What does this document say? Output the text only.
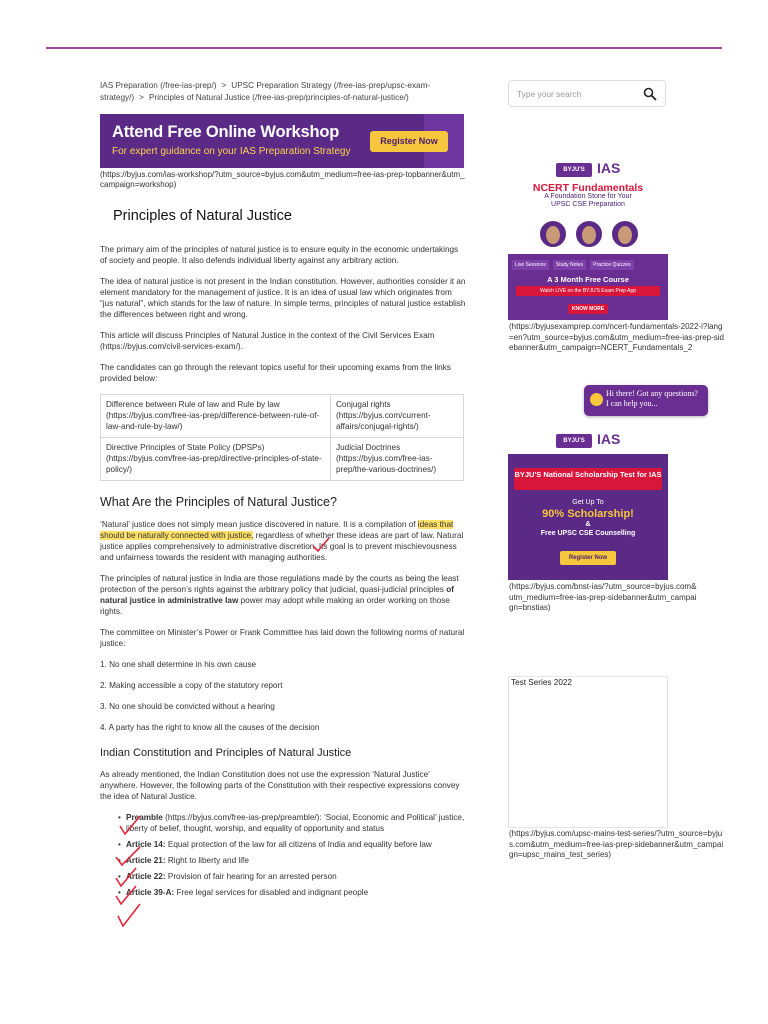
IAS Preparation (/free-ias-prep/) > UPSC Preparation Strategy (/free-ias-prep/upsc-exam-strategy/) > Principles of Natural Justice (/free-ias-prep/principles-of-natural-justice/)
Attend Free Online Workshop
For expert guidance on your IAS Preparation Strategy
Register Now
(https://byjus.com/ias-workshop/?utm_source=byjus.com&utm_medium=free-ias-prep-topbanner&utm_campaign=workshop)
Principles of Natural Justice

The primary aim of the principles of natural justice is to ensure equity in the economic undertakings of society and people. It also defends individual liberty against any arbitrary action.

The idea of natural justice is not present in the Indian constitution. However, authorities consider it an element mandatory for the management of justice. It is an idea of usual law which originates from “jus natural”, which stands for the law of nature. In simple terms, principles of natural justice establish the differences between right and wrong.

This article will discuss Principles of Natural Justice in the context of the Civil Services Exam (https://byjus.com/civil-services-exam/).

The candidates can go through the relevant topics useful for their upcoming exams from the links provided below:

Difference between Rule of law and Rule by law (https://byjus.com/free-ias-prep/difference-between-rule-of-law-and-rule-by-law/)	Conjugal rights (https://byjus.com/current-affairs/conjugal-rights/)
Directive Principles of State Policy (DPSPs) (https://byjus.com/free-ias-prep/directive-principles-of-state-policy/)	Judicial Doctrines (https://byjus.com/free-ias-prep/the-various-doctrines/)
What Are the Principles of Natural Justice?

‘Natural’ justice does not simply mean justice discovered in nature. It is a compilation of ideas that should be naturally connected with justice, regardless of whether these ideas are part of law. Natural justice applies comprehensively to administrative discretion. Its goal is to prevent mischievousness and unfairness towards the resident with managing authorities.

The principles of natural justice in India are those regulations made by the courts as being the least protection of the person’s rights against the arbitrary policy that judicial, quasi-judicial principles of natural justice in administrative law power may adopt while making an order working on those rights.

The committee on Minister’s Power or Frank Committee has laid down the following norms of natural justice:

1. No one shall determine in his own cause

2. Making accessible a copy of the statutory report

3. No one should be convicted without a hearing

4. A party has the right to know all the causes of the decision

Indian Constitution and Principles of Natural Justice

As already mentioned, the Indian Constitution does not use the expression ‘Natural Justice’ anywhere. However, the following parts of the Constitution with their respective expressions convey the idea of Natural Justice.

• Preamble (https://byjus.com/free-ias-prep/preamble/): ‘Social, Economic and Political’ justice, liberty of belief, thought, worship, and equality of opportunity and status
• Article 14: Equal protection of the law for all citizens of India and equality before law
• Article 21: Right to liberty and life
• Article 22: Provision of fair hearing for an arrested person
• Article 39-A: Free legal services for disabled and indignant people
Type your search
BYJU'S IAS
NCERT Fundamentals
A Foundation Stone for Your
UPSC CSE Preparation
Live Sessions Study Notes Practice Quizzes
A 3 Month Free Course
Watch LIVE on the BYJU'S Exam Prep App
KNOW MORE
(https://byjusexamprep.com/ncert-fundamentals-2022-i?lang=en?utm_source=byjus.com&utm_medium=free-ias-prep-sidebanner&utm_campaign=NCERT_Fundamentals_2
Hi there! Got any questions?
I can help you...
BYJU'S IAS
BYJU'S National Scholarship Test for IAS
Get Up To
90% Scholarship!
&
Free UPSC CSE Counselling
Register Now
(https://byjus.com/bnst-ias/?utm_source=byjus.com&utm_medium=free-ias-prep-sidebanner&utm_campaign=bnstias)
Test Series 2022
(https://byjus.com/upsc-mains-test-series/?utm_source=byjus.com&utm_medium=free-ias-prep-sidebanner&utm_campaign=upsc_mains_test_series)
